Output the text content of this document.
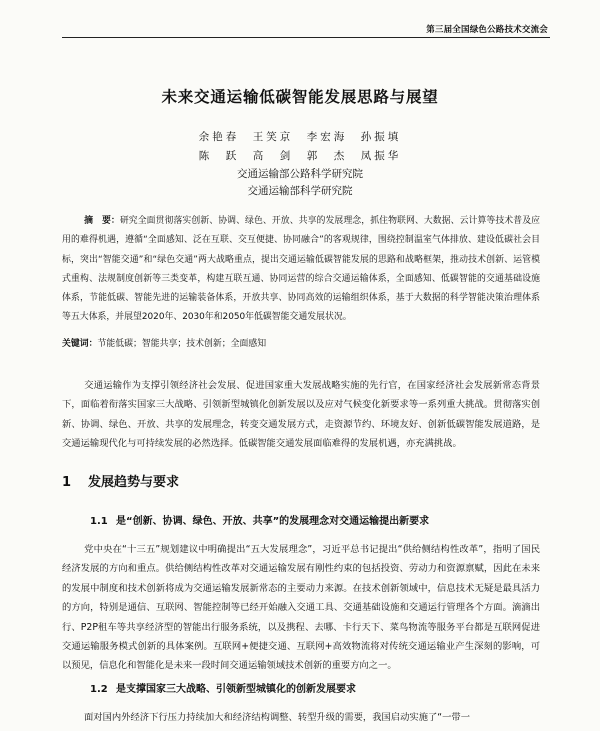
第三届全国绿色公路技术交流会
未来交通运输低碳智能发展思路与展望
余艳春　王笑京　李宏海　孙振填
陈　跃　高　剑　郭　杰　凤振华
交通运输部公路科学研究院
交通运输部科学研究院
摘　要：研究全面贯彻落实创新、协调、绿色、开放、共享的发展理念，抓住物联网、大数据、云计算等技术普及应用的难得机遇，遵循“全面感知、泛在互联、交互便捷、协同融合”的客观规律，围绕控制温室气体排放、建设低碳社会目标，突出“智能交通”和“绿色交通”两大战略重点，提出交通运输低碳智能发展的思路和战略框架，推动技术创新、运管模式重构、法规制度创新等三类变革，构建互联互通、协同运营的综合交通运输体系，全面感知、低碳智能的交通基础设施体系，节能低碳、智能先进的运输装备体系，开放共享、协同高效的运输组织体系，基于大数据的科学智能决策治理体系等五大体系，并展望2020年、2030年和2050年低碳智能交通发展状况。
关键词：节能低碳；智能共享；技术创新；全面感知
交通运输作为支撑引领经济社会发展、促进国家重大发展战略实施的先行官，在国家经济社会发展新常态背景下，面临着衔落实国家三大战略、引领新型城镇化创新发展以及应对气候变化新要求等一系列重大挑战。贯彻落实创新、协调、绿色、开放、共享的发展理念，转变交通发展方式，走资源节约、环境友好、创新低碳智能发展道路，是交通运输现代化与可持续发展的必然选择。低碳智能交通发展面临难得的发展机遇，亦充满挑战。
1 发展趋势与要求
1.1 是“创新、协调、绿色、开放、共享”的发展理念对交通运输提出新要求
党中央在“十三五”规划建议中明确提出“五大发展理念”，习近平总书记提出“供给侧结构性改革”，指明了国民经济发展的方向和重点。供给侧结构性改革对交通运输发展有刚性约束的包括投资、劳动力和资源禀赋，因此在未来的发展中制度和技术创新将成为交通运输发展新常态的主要动力来源。在技术创新领域中，信息技术无疑是最具活力的方向，特别是通信、互联网、智能控制等已经开始融入交通工具、交通基础设施和交通运行管理各个方面。滴滴出行、P2P租车等共享经济型的智能出行服务系统，以及携程、去哪、卡行天下、菜鸟物流等服务平台都是互联网促进交通运输服务模式创新的具体案例。互联网+便捷交通、互联网+高效物流将对传统交通运输业产生深刻的影响，可以预见，信息化和智能化是未来一段时间交通运输领域技术创新的重要方向之一。
1.2 是支撑国家三大战略、引领新型城镇化的创新发展要求
面对国内外经济下行压力持续加大和经济结构调整、转型升级的需要，我国启动实施了“一带一
